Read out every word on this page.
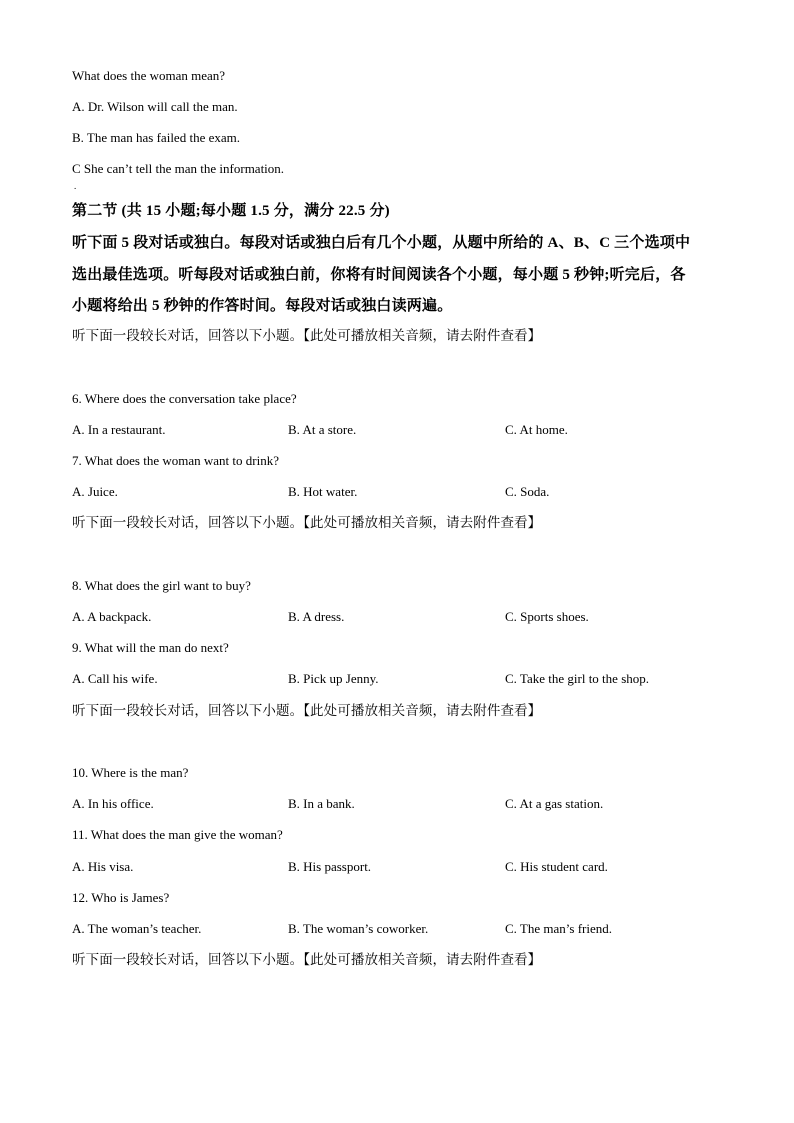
What does the woman mean?
A. Dr. Wilson will call the man.
B. The man has failed the exam.
C She can’t tell the man the information.
.
第二节 (共 15 小题;每小题 1.5 分，满分 22.5 分)
听下面 5 段对话或独白。每段对话或独白后有几个小题，从题中所给的 A、B、C 三个选项中
选出最佳选项。听每段对话或独白前，你将有时间阅读各个小题，每小题 5 秒钟;听完后，各
小题将给出 5 秒钟的作答时间。每段对话或独白读两遍。
听下面一段较长对话，回答以下小题。【此处可播放相关音频，请去附件查看】
6. Where does the conversation take place?
A. In a restaurant.	B. At a store.	C. At home.
7. What does the woman want to drink?
A. Juice.	B. Hot water.	C. Soda.
听下面一段较长对话，回答以下小题。【此处可播放相关音频，请去附件查看】
8. What does the girl want to buy?
A. A backpack.	B. A dress.	C. Sports shoes.
9. What will the man do next?
A. Call his wife.	B. Pick up Jenny.	C. Take the girl to the shop.
听下面一段较长对话，回答以下小题。【此处可播放相关音频，请去附件查看】
10. Where is the man?
A. In his office.	B. In a bank.	C. At a gas station.
11. What does the man give the woman?
A. His visa.	B. His passport.	C. His student card.
12. Who is James?
A. The woman’s teacher.	B. The woman’s coworker.	C. The man’s friend.
听下面一段较长对话，回答以下小题。【此处可播放相关音频，请去附件查看】
